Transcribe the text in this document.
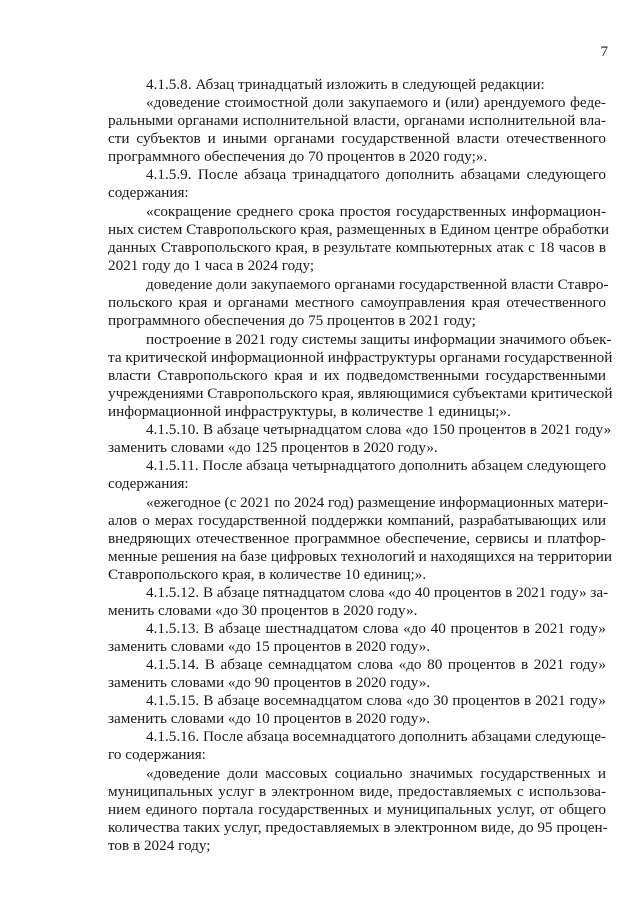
7
4.1.5.8. Абзац тринадцатый изложить в следующей редакции:
«доведение стоимостной доли закупаемого и (или) арендуемого феде-
ральными органами исполнительной власти, органами исполнительной вла-
сти субъектов и иными органами государственной власти отечественного
программного обеспечения до 70 процентов в 2020 году;».
4.1.5.9. После абзаца тринадцатого дополнить абзацами следующего
содержания:
«сокращение среднего срока простоя государственных информацион-
ных систем Ставропольского края, размещенных в Едином центре обработки
данных Ставропольского края, в результате компьютерных атак с 18 часов в
2021 году до 1 часа в 2024 году;
доведение доли закупаемого органами государственной власти Ставро-
польского края и органами местного самоуправления края отечественного
программного обеспечения до 75 процентов в 2021 году;
построение в 2021 году системы защиты информации значимого объек-
та критической информационной инфраструктуры органами государственной
власти Ставропольского края и их подведомственными государственными
учреждениями Ставропольского края, являющимися субъектами критической
информационной инфраструктуры, в количестве 1 единицы;».
4.1.5.10. В абзаце четырнадцатом слова «до 150 процентов в 2021 году»
заменить словами «до 125 процентов в 2020 году».
4.1.5.11. После абзаца четырнадцатого дополнить абзацем следующего
содержания:
«ежегодное (с 2021 по 2024 год) размещение информационных матери-
алов о мерах государственной поддержки компаний, разрабатывающих или
внедряющих отечественное программное обеспечение, сервисы и платфор-
менные решения на базе цифровых технологий и находящихся на территории
Ставропольского края, в количестве 10 единиц;».
4.1.5.12. В абзаце пятнадцатом слова «до 40 процентов в 2021 году» за-
менить словами «до 30 процентов в 2020 году».
4.1.5.13. В абзаце шестнадцатом слова «до 40 процентов в 2021 году»
заменить словами «до 15 процентов в 2020 году».
4.1.5.14. В абзаце семнадцатом слова «до 80 процентов в 2021 году»
заменить словами «до 90 процентов в 2020 году».
4.1.5.15. В абзаце восемнадцатом слова «до 30 процентов в 2021 году»
заменить словами «до 10 процентов в 2020 году».
4.1.5.16. После абзаца восемнадцатого дополнить абзацами следующе-
го содержания:
«доведение доли массовых социально значимых государственных и
муниципальных услуг в электронном виде, предоставляемых с использова-
нием единого портала государственных и муниципальных услуг, от общего
количества таких услуг, предоставляемых в электронном виде, до 95 процен-
тов в 2024 году;
